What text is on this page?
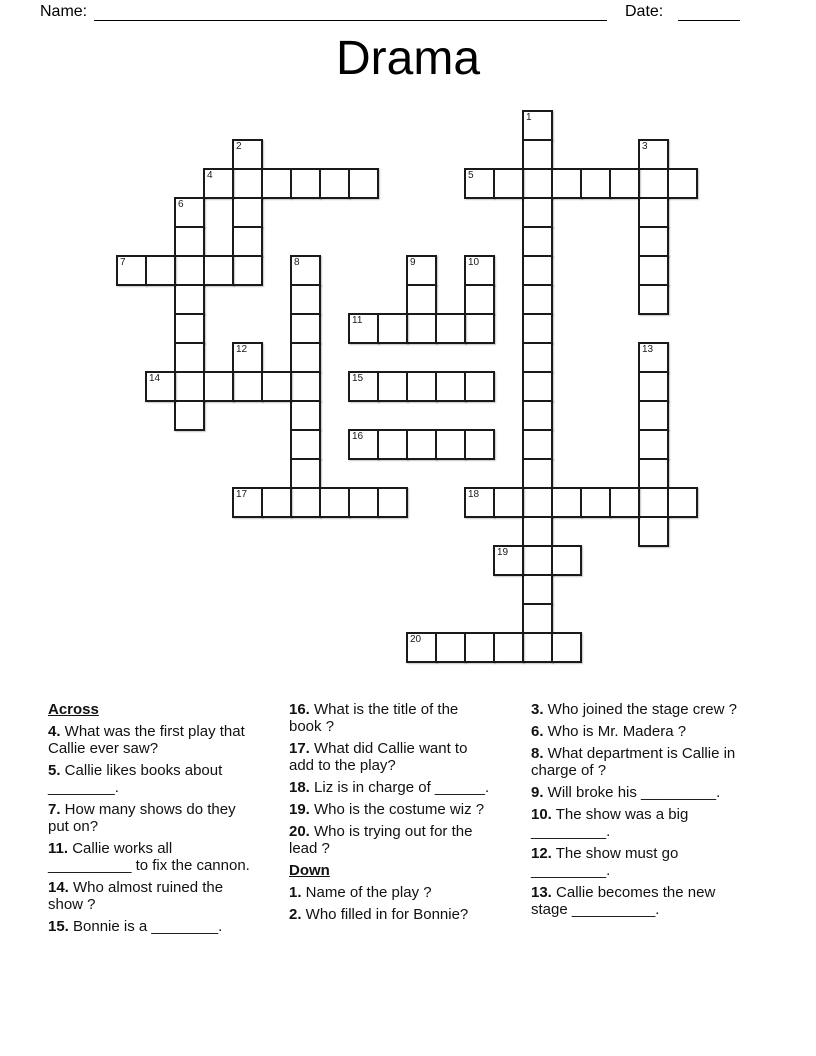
Name:	Date:
Drama
1
2	3
4	5
6
7	8	9	10
11
12	13
14	15
16
17	18
19
20
Across
4. What was the first play that Callie ever saw?
5. Callie likes books about ________.
7. How many shows do they put on?
11. Callie works all __________ to fix the cannon.
14. Who almost ruined the show ?
15. Bonnie is a ________.
16. What is the title of the book ?
17. What did Callie want to add to the play?
18. Liz is in charge of ______.
19. Who is the costume wiz ?
20. Who is trying out for the lead ?
Down
1. Name of the play ?
2. Who filled in for Bonnie?
3. Who joined the stage crew ?
6. Who is Mr. Madera ?
8. What department is Callie in charge of ?
9. Will broke his _________.
10. The show was a big _________.
12. The show must go _________.
13. Callie becomes the new stage __________.
